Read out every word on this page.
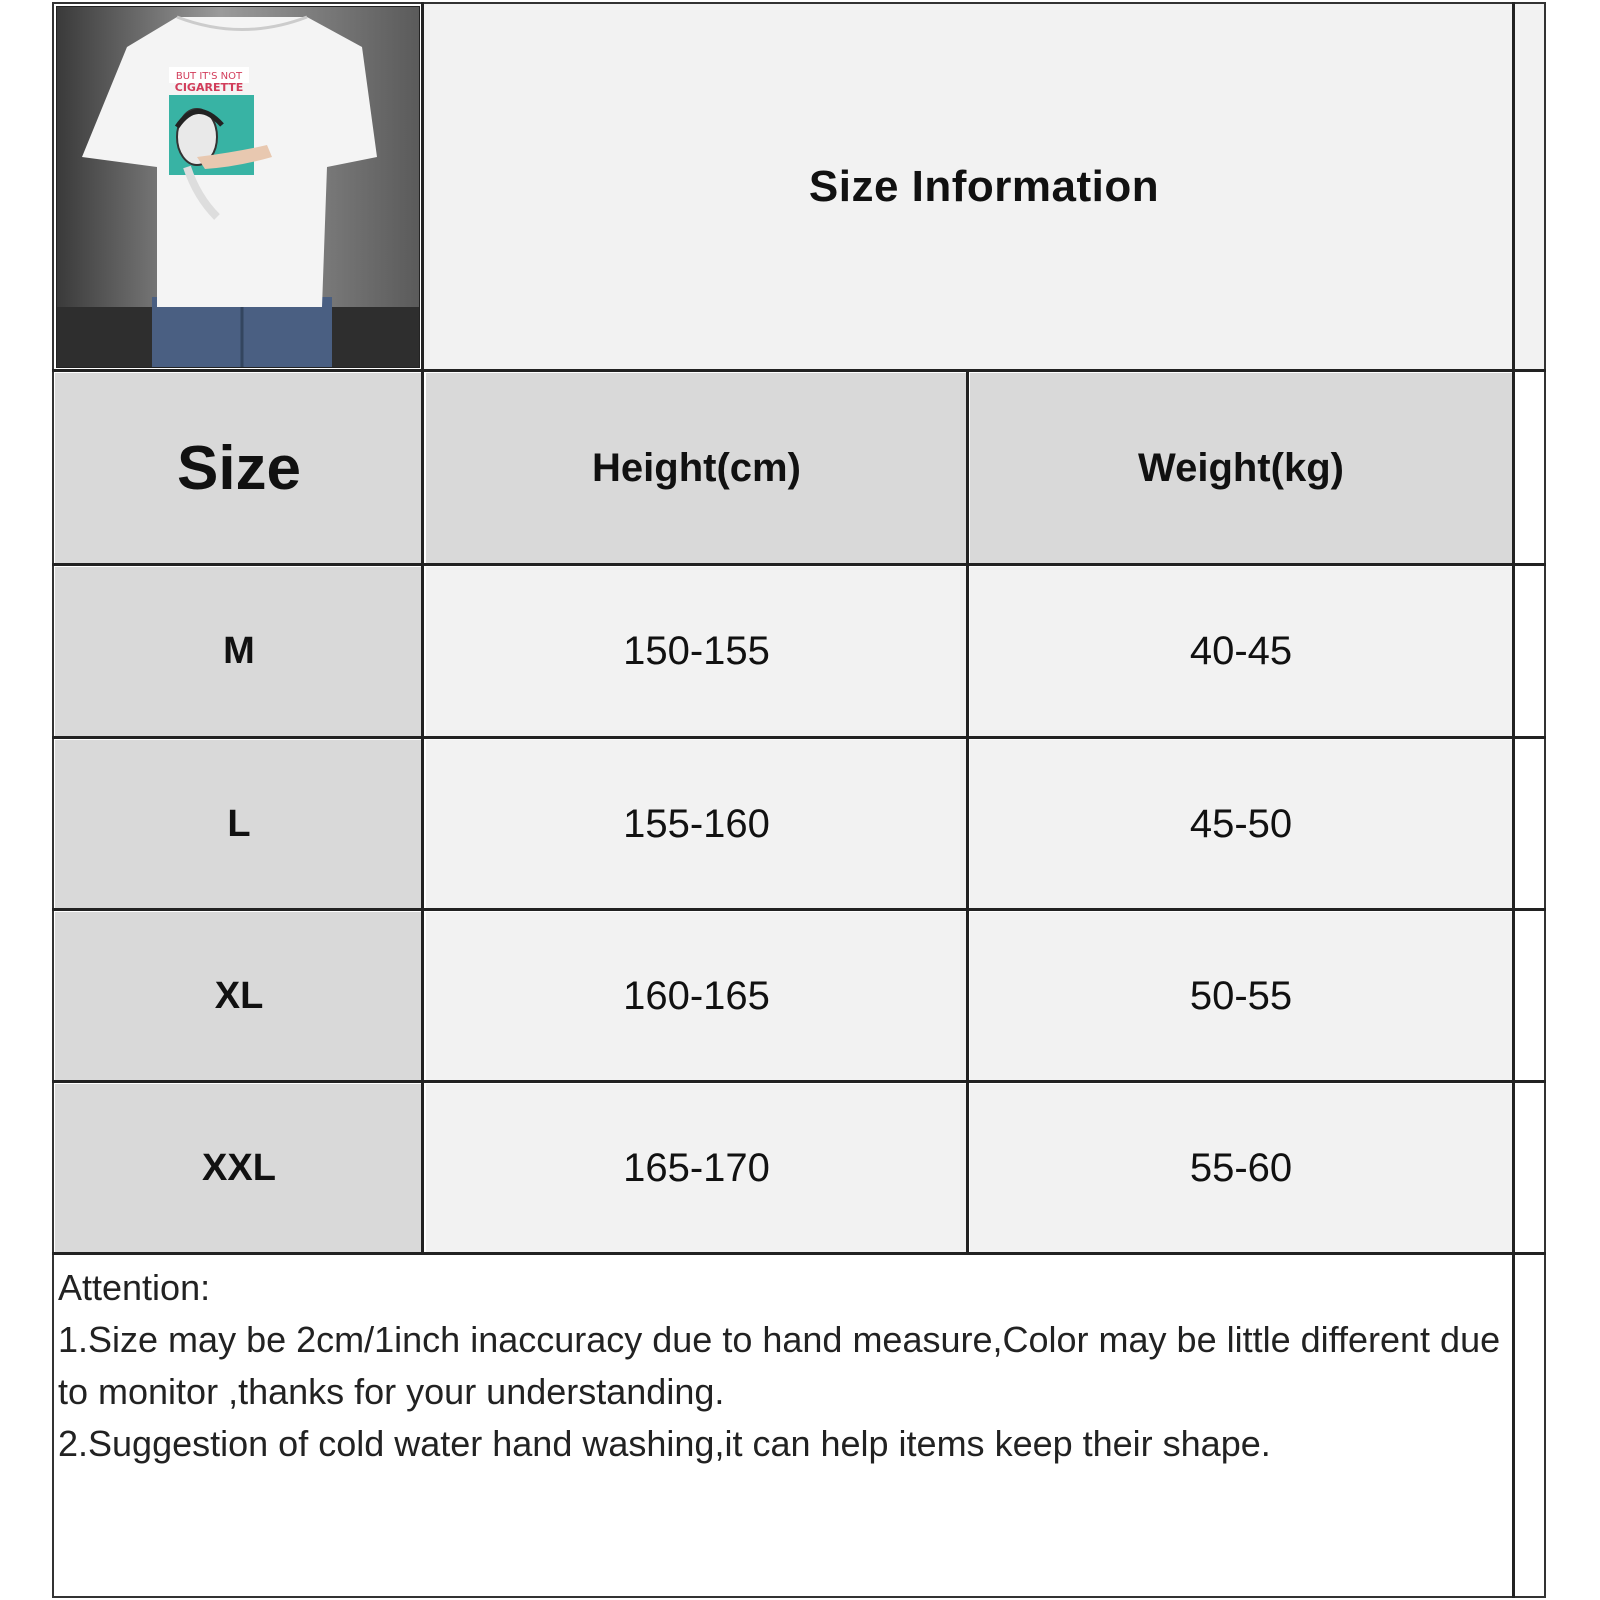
BUT IT'S NOT
CIGARETTE
Size Information
Size	Height(cm)	Weight(kg)
M	150-155	40-45
L	155-160	45-50
XL	160-165	50-55
XXL	165-170	55-60
Attention:
1.Size may be 2cm/1inch inaccuracy due to hand measure,Color may be little different due to monitor ,thanks for your understanding.
2.Suggestion of cold water hand washing,it can help items keep their shape.
